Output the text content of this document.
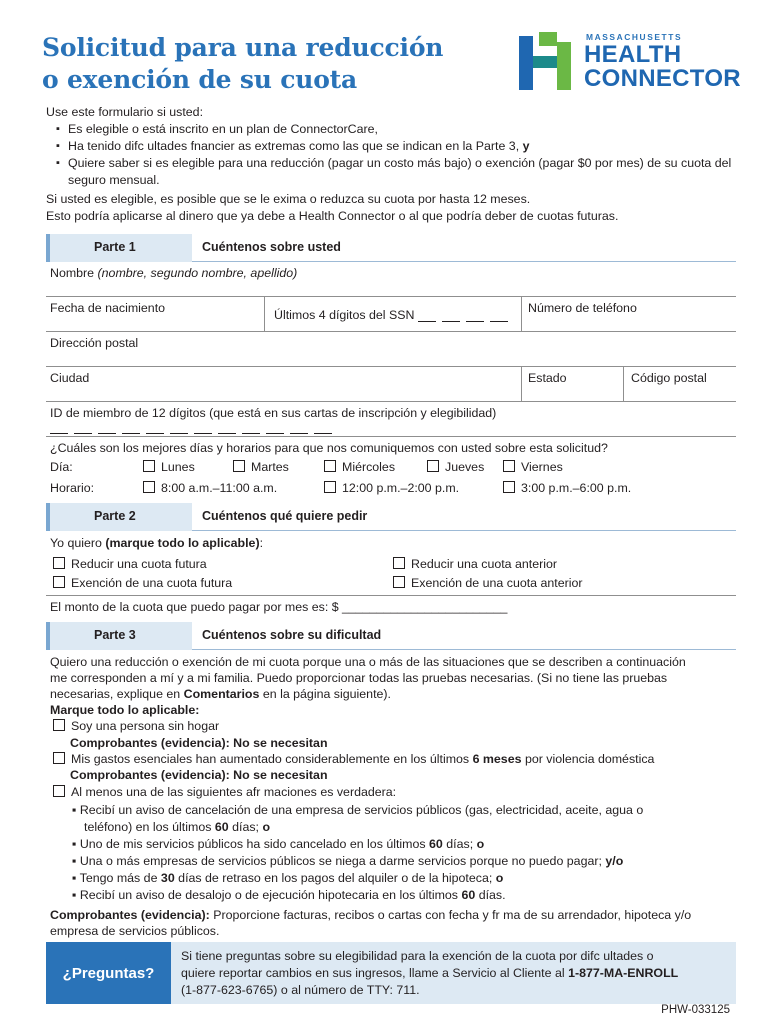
Solicitud para una reducción
o exención de su cuota
MASSACHUSETTS
HEALTH
CONNECTOR
Use este formulario si usted:
▪ Es elegible o está inscrito en un plan de ConnectorCare,
▪ Ha tenido difc ultades fnancier as extremas como las que se indican en la Parte 3, y
▪ Quiere saber si es elegible para una reducción (pagar un costo más bajo) o exención (pagar $0 por mes) de su cuota del seguro mensual.
Si usted es elegible, es posible que se le exima o reduzca su cuota por hasta 12 meses.
Esto podría aplicarse al dinero que ya debe a Health Connector o al que podría deber de cuotas futuras.
Parte 1	Cuéntenos sobre usted
Nombre (nombre, segundo nombre, apellido)
Fecha de nacimiento	Últimos 4 dígitos del SSN	Número de teléfono
Dirección postal
Ciudad	Estado	Código postal
ID de miembro de 12 dígitos (que está en sus cartas de inscripción y elegibilidad)
¿Cuáles son los mejores días y horarios para que nos comuniquemos con usted sobre esta solicitud?
Día:	Lunes	Martes	Miércoles	Jueves	Viernes
Horario:	8:00 a.m.–11:00 a.m.	12:00 p.m.–2:00 p.m.	3:00 p.m.–6:00 p.m.
Parte 2	Cuéntenos qué quiere pedir
Yo quiero (marque todo lo aplicable):
Reducir una cuota futura	Reducir una cuota anterior
Exención de una cuota futura	Exención de una cuota anterior
El monto de la cuota que puedo pagar por mes es: $ ________________________
Parte 3	Cuéntenos sobre su dificultad
Quiero una reducción o exención de mi cuota porque una o más de las situaciones que se describen a continuación
me corresponden a mí y a mi familia. Puedo proporcionar todas las pruebas necesarias. (Si no tiene las pruebas
necesarias, explique en Comentarios en la página siguiente).
Marque todo lo aplicable:
Soy una persona sin hogar
Comprobantes (evidencia): No se necesitan
Mis gastos esenciales han aumentado considerablemente en los últimos 6 meses por violencia doméstica
Comprobantes (evidencia): No se necesitan
Al menos una de las siguientes afr maciones es verdadera:
▪ Recibí un aviso de cancelación de una empresa de servicios públicos (gas, electricidad, aceite, agua o
teléfono) en los últimos 60 días; o
▪ Uno de mis servicios públicos ha sido cancelado en los últimos 60 días; o
▪ Una o más empresas de servicios públicos se niega a darme servicios porque no puedo pagar; y/o
▪ Tengo más de 30 días de retraso en los pagos del alquiler o de la hipoteca; o
▪ Recibí un aviso de desalojo o de ejecución hipotecaria en los últimos 60 días.
Comprobantes (evidencia): Proporcione facturas, recibos o cartas con fecha y fr ma de su arrendador, hipoteca y/o
empresa de servicios públicos.
¿Preguntas?
Si tiene preguntas sobre su elegibilidad para la exención de la cuota por difc ultades o
quiere reportar cambios en sus ingresos, llame a Servicio al Cliente al 1-877-MA-ENROLL
(1-877-623-6765) o al número de TTY: 711.
PHW-033125
